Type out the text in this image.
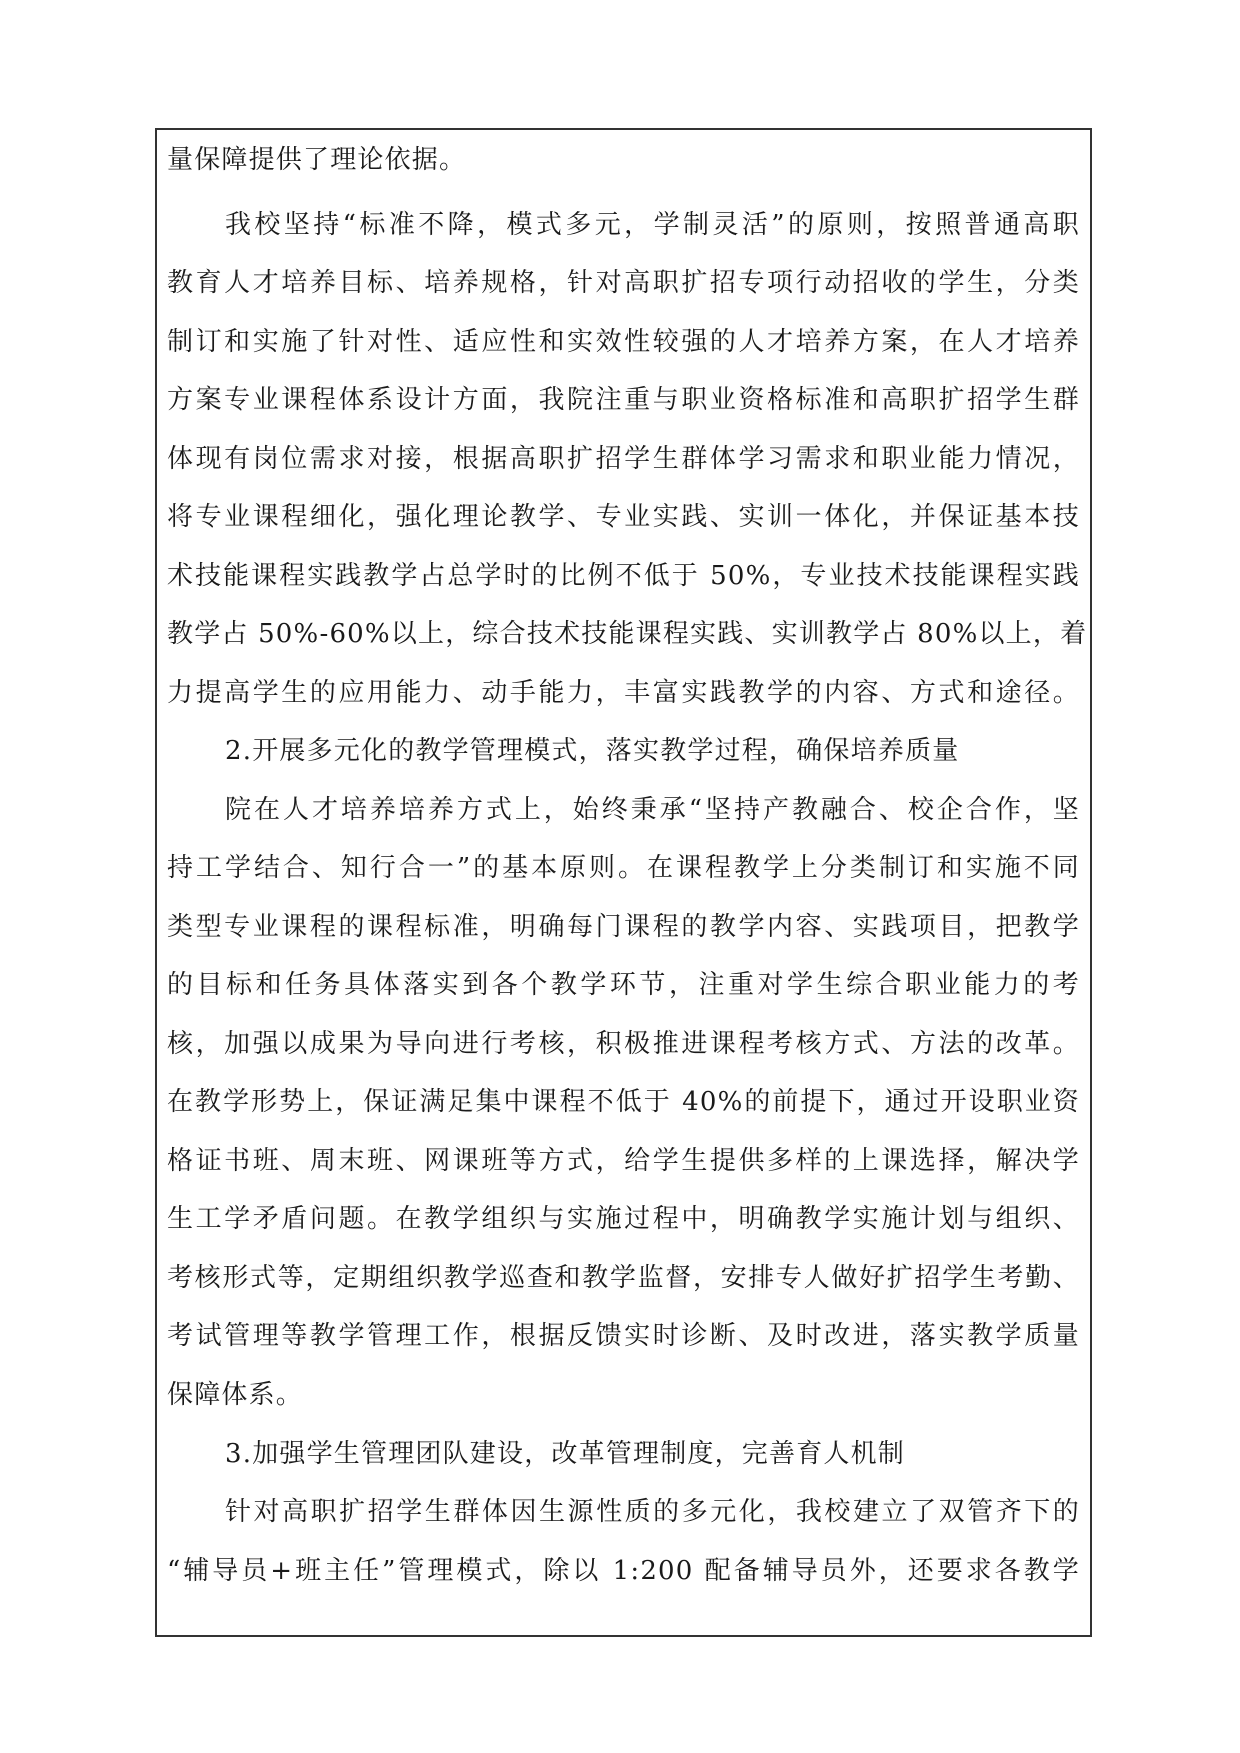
量保障提供了理论依据。
我校坚持“标准不降，模式多元，学制灵活”的原则，按照普通高职
教育人才培养目标、培养规格，针对高职扩招专项行动招收的学生，分类
制订和实施了针对性、适应性和实效性较强的人才培养方案，在人才培养
方案专业课程体系设计方面，我院注重与职业资格标准和高职扩招学生群
体现有岗位需求对接，根据高职扩招学生群体学习需求和职业能力情况，
将专业课程细化，强化理论教学、专业实践、实训一体化，并保证基本技
术技能课程实践教学占总学时的比例不低于 50%，专业技术技能课程实践
教学占 50%-60%以上，综合技术技能课程实践、实训教学占 80%以上，着
力提高学生的应用能力、动手能力，丰富实践教学的内容、方式和途径。
2.开展多元化的教学管理模式，落实教学过程，确保培养质量
院在人才培养培养方式上，始终秉承“坚持产教融合、校企合作，坚
持工学结合、知行合一”的基本原则。在课程教学上分类制订和实施不同
类型专业课程的课程标准，明确每门课程的教学内容、实践项目，把教学
的目标和任务具体落实到各个教学环节，注重对学生综合职业能力的考
核，加强以成果为导向进行考核，积极推进课程考核方式、方法的改革。
在教学形势上，保证满足集中课程不低于 40%的前提下，通过开设职业资
格证书班、周末班、网课班等方式，给学生提供多样的上课选择，解决学
生工学矛盾问题。在教学组织与实施过程中，明确教学实施计划与组织、
考核形式等，定期组织教学巡查和教学监督，安排专人做好扩招学生考勤、
考试管理等教学管理工作，根据反馈实时诊断、及时改进，落实教学质量
保障体系。
3.加强学生管理团队建设，改革管理制度，完善育人机制
针对高职扩招学生群体因生源性质的多元化，我校建立了双管齐下的
“辅导员+班主任”管理模式，除以 1:200 配备辅导员外，还要求各教学
